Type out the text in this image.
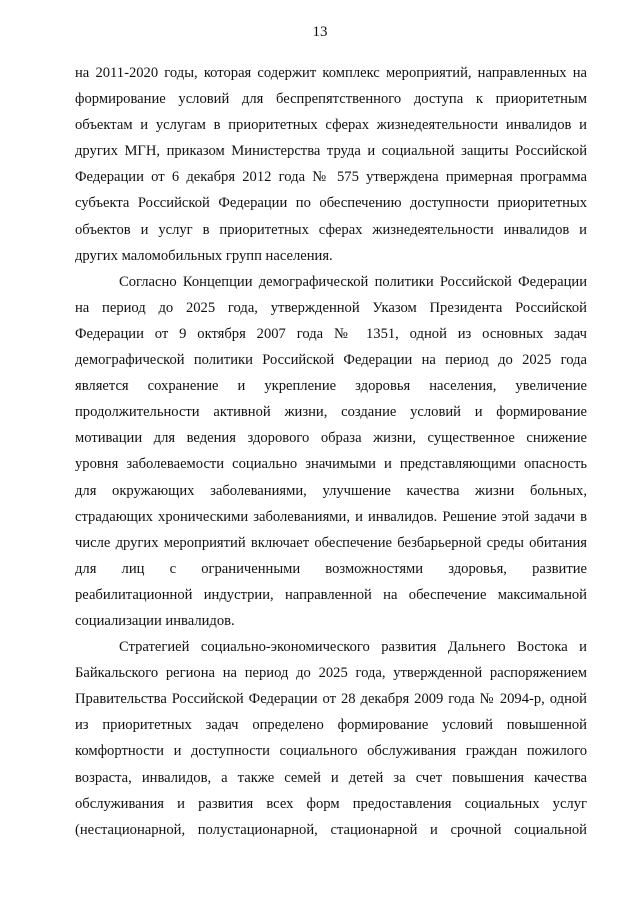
13
на 2011-2020 годы, которая содержит комплекс мероприятий, направленных на
формирование условий для беспрепятственного доступа к приоритетным
объектам и услугам в приоритетных сферах жизнедеятельности инвалидов и
других МГН, приказом Министерства труда и социальной защиты Российской
Федерации от 6 декабря 2012 года № 575 утверждена примерная программа
субъекта Российской Федерации по обеспечению доступности приоритетных
объектов и услуг в приоритетных сферах жизнедеятельности инвалидов и
других маломобильных групп населения.
Согласно Концепции демографической политики Российской Федерации
на период до 2025 года, утвержденной Указом Президента Российской
Федерации от 9 октября 2007 года № 1351, одной из основных задач
демографической политики Российской Федерации на период до 2025 года
является сохранение и укрепление здоровья населения, увеличение
продолжительности активной жизни, создание условий и формирование
мотивации для ведения здорового образа жизни, существенное снижение
уровня заболеваемости социально значимыми и представляющими опасность
для окружающих заболеваниями, улучшение качества жизни больных,
страдающих хроническими заболеваниями, и инвалидов. Решение этой задачи в
числе других мероприятий включает обеспечение безбарьерной среды обитания
для лиц с ограниченными возможностями здоровья, развитие
реабилитационной индустрии, направленной на обеспечение максимальной
социализации инвалидов.
Стратегией социально-экономического развития Дальнего Востока и
Байкальского региона на период до 2025 года, утвержденной распоряжением
Правительства Российской Федерации от 28 декабря 2009 года № 2094-р, одной
из приоритетных задач определено формирование условий повышенной
комфортности и доступности социального обслуживания граждан пожилого
возраста, инвалидов, а также семей и детей за счет повышения качества
обслуживания и развития всех форм предоставления социальных услуг
(нестационарной, полустационарной, стационарной и срочной социальной
